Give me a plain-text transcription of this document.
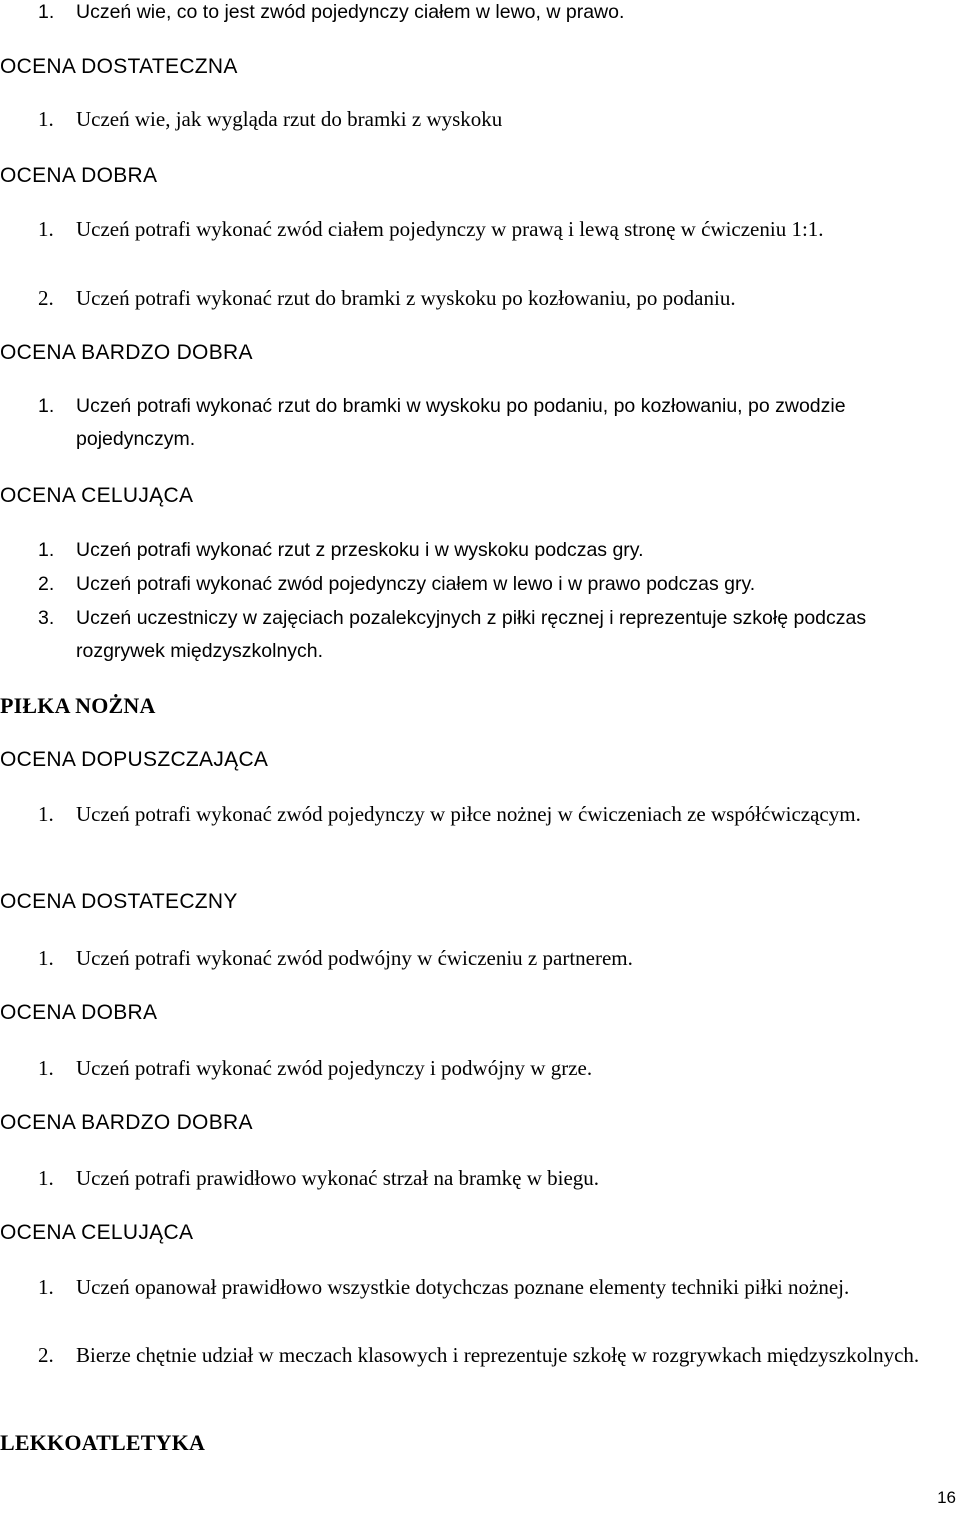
1.	Uczeń wie, co to jest zwód pojedynczy ciałem w lewo, w prawo.
OCENA DOSTATECZNA
1.	Uczeń wie, jak wygląda rzut do bramki z wyskoku
OCENA DOBRA
1.	Uczeń potrafi wykonać zwód ciałem pojedynczy w prawą i lewą stronę w ćwiczeniu 1:1.
2.	Uczeń potrafi wykonać rzut do bramki z wyskoku po kozłowaniu, po podaniu.
OCENA BARDZO DOBRA
1.	Uczeń potrafi wykonać rzut do bramki w wyskoku po podaniu, po kozłowaniu, po zwodzie pojedynczym.
OCENA CELUJĄCA
1.	Uczeń potrafi wykonać rzut z przeskoku i w wyskoku podczas gry.
2.	Uczeń potrafi wykonać zwód pojedynczy ciałem w lewo i w prawo podczas gry.
3.	Uczeń uczestniczy w zajęciach pozalekcyjnych z piłki ręcznej i reprezentuje szkołę podczas rozgrywek międzyszkolnych.
PIŁKA NOŻNA
OCENA DOPUSZCZAJĄCA
1.	Uczeń potrafi wykonać zwód pojedynczy w piłce nożnej w ćwiczeniach ze współćwiczącym.
OCENA DOSTATECZNY
1.	Uczeń potrafi wykonać zwód podwójny w ćwiczeniu z partnerem.
OCENA DOBRA
1.	Uczeń potrafi wykonać zwód pojedynczy i podwójny w grze.
OCENA BARDZO DOBRA
1.	Uczeń potrafi prawidłowo wykonać strzał na bramkę w biegu.
OCENA CELUJĄCA
1.	Uczeń opanował prawidłowo wszystkie dotychczas poznane elementy techniki piłki nożnej.
2.	Bierze chętnie udział w meczach klasowych i reprezentuje szkołę w rozgrywkach międzyszkolnych.
LEKKOATLETYKA
16
